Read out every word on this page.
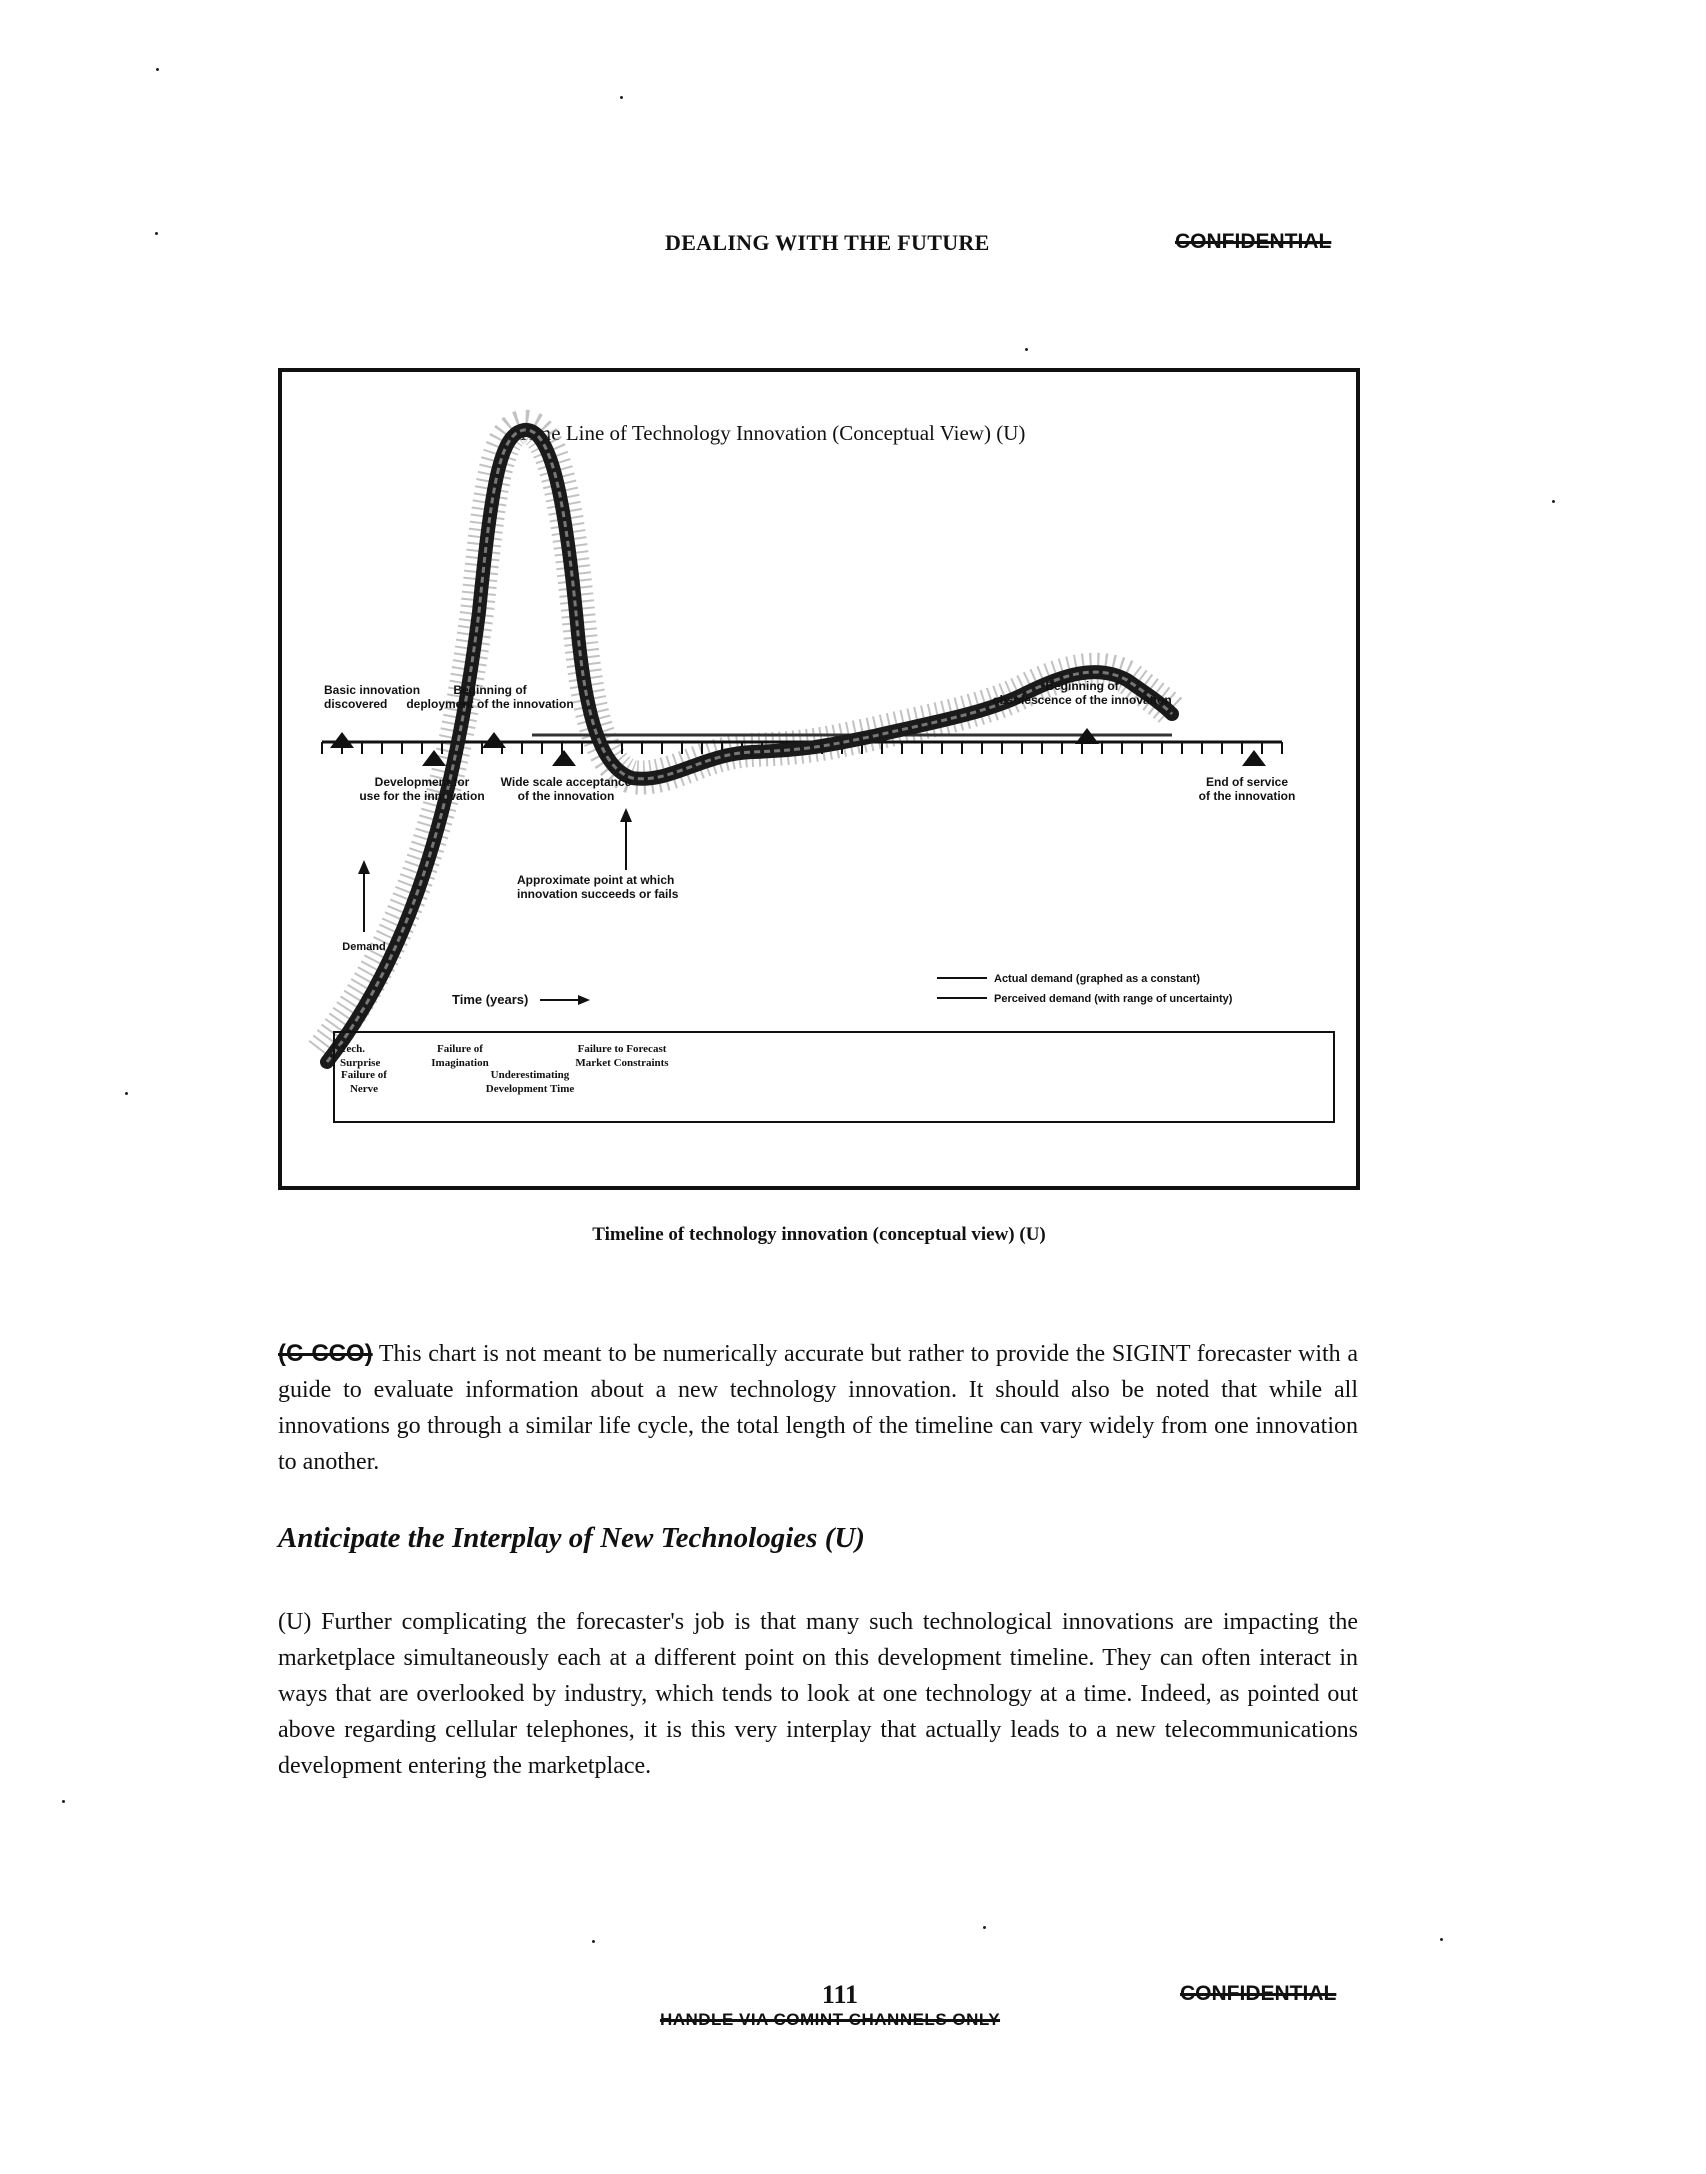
DEALING WITH THE FUTURE	CONFIDENTIAL
Time Line of Technology Innovation (Conceptual View) (U)
Basic innovation
discovered
Beginning of
deployment of the innovation
Beginning of
obsolescence of the innovation
Development for
use for the innovation
Wide scale acceptance
of the innovation
End of service
of the innovation
Approximate point at which
innovation succeeds or fails
Demand
Time (years)
Actual demand (graphed as a constant)
Perceived demand (with range of uncertainty)
Tech.
Surprise
Failure of
Nerve
Failure of
Imagination
Underestimating
Development Time
Failure to Forecast
Market Constraints
Timeline of technology innovation (conceptual view) (U)
(C-CCO) This chart is not meant to be numerically accurate but rather to provide the SIGINT forecaster with a guide to evaluate information about a new technology innovation. It should also be noted that while all innovations go through a similar life cycle, the total length of the timeline can vary widely from one innovation to another.
Anticipate the Interplay of New Technologies (U)
(U) Further complicating the forecaster's job is that many such technological innovations are impacting the marketplace simultaneously each at a different point on this development timeline. They can often interact in ways that are overlooked by industry, which tends to look at one technology at a time. Indeed, as pointed out above regarding cellular telephones, it is this very interplay that actually leads to a new telecommunications development entering the marketplace.
111	CONFIDENTIAL
HANDLE VIA COMINT CHANNELS ONLY
